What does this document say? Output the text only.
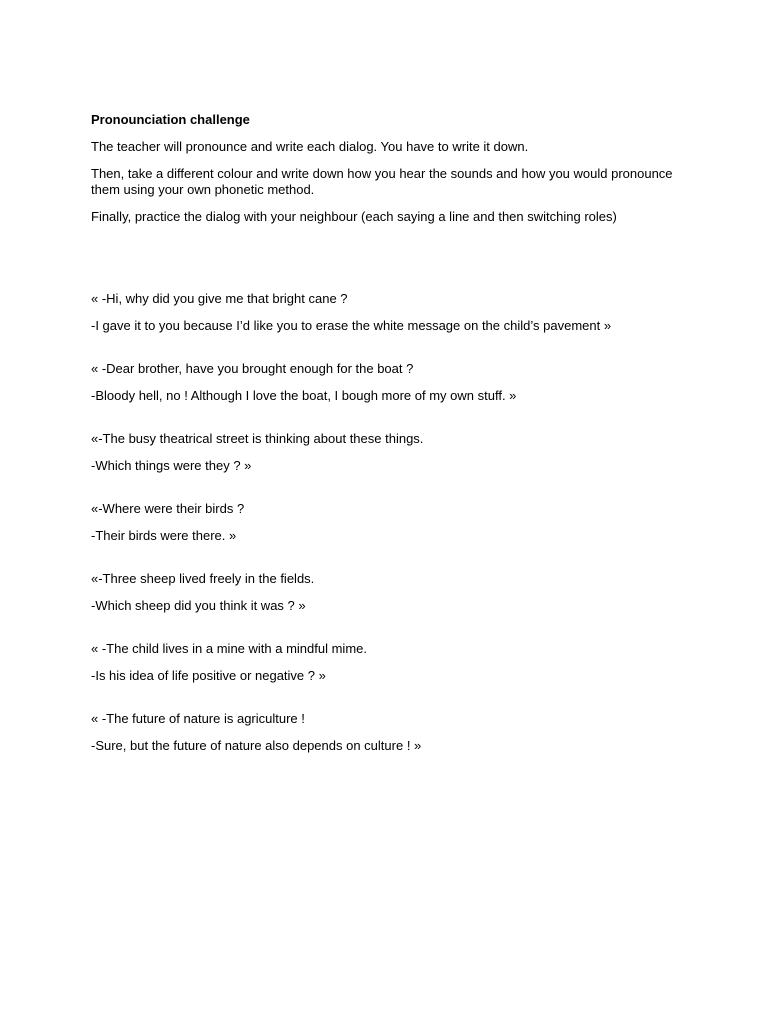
Pronounciation challenge
The teacher will pronounce and write each dialog. You have to write it down.
Then, take a different colour and write down how you hear the sounds and how you would pronounce them using your own phonetic method.
Finally, practice the dialog with your neighbour (each saying a line and then switching roles)
« -Hi, why did you give me that bright cane ?
-I gave it to you because I’d like you to erase the white message on the child’s pavement »
« -Dear brother, have you brought enough for the boat ?
-Bloody hell, no ! Although I love the boat, I bough more of my own stuff. »
«-The busy theatrical street is thinking about these things.
-Which things were they ? »
«-Where were their birds ?
-Their birds were there. »
«-Three sheep lived freely in the fields.
-Which sheep did you think it was ? »
« -The child lives in a mine with a mindful mime.
-Is his idea of life positive or negative ? »
« -The future of nature is agriculture !
-Sure, but the future of nature also depends on culture ! »
